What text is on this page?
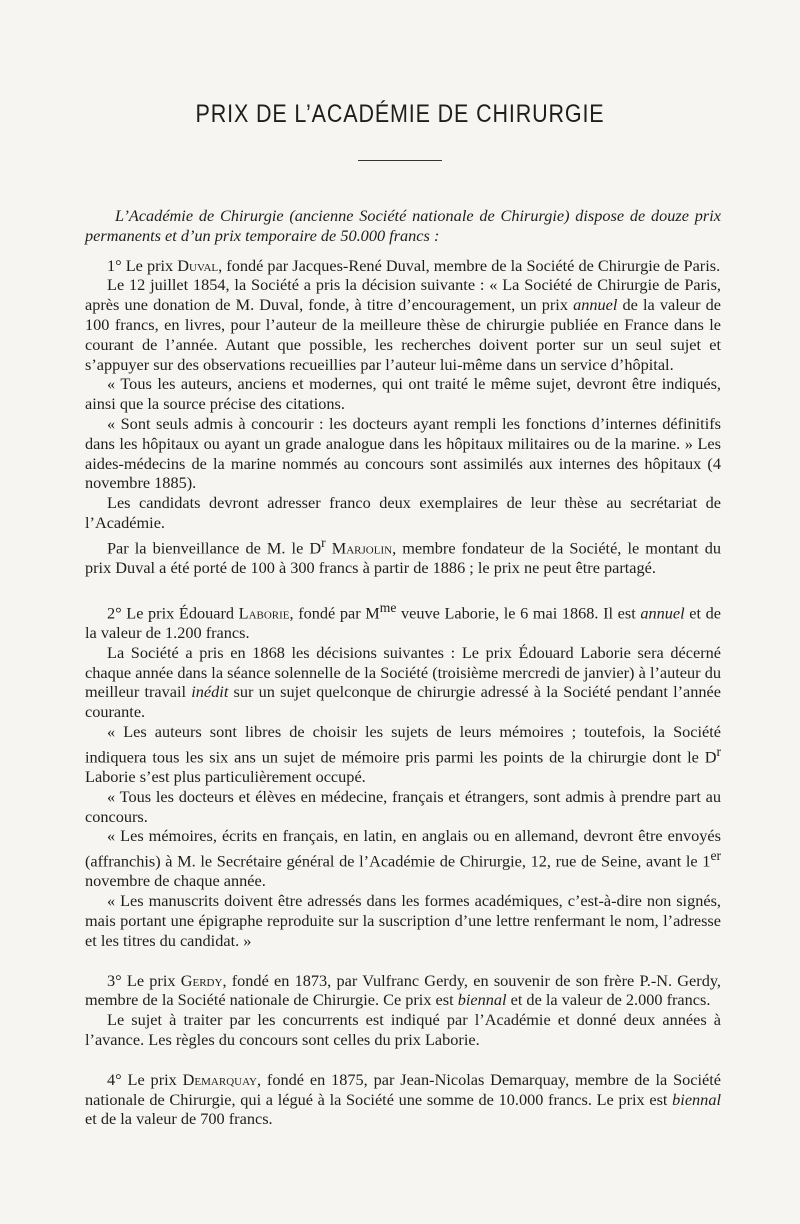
PRIX DE L’ACADÉMIE DE CHIRURGIE

L’Académie de Chirurgie (ancienne Société nationale de Chirurgie) dispose de douze prix permanents et d’un prix temporaire de 50.000 francs :

1° Le prix Duval, fondé par Jacques-René Duval, membre de la Société de Chirurgie de Paris.

Le 12 juillet 1854, la Société a pris la décision suivante : « La Société de Chirurgie de Paris, après une donation de M. Duval, fonde, à titre d’encouragement, un prix annuel de la valeur de 100 francs, en livres, pour l’auteur de la meilleure thèse de chirurgie publiée en France dans le courant de l’année. Autant que possible, les recherches doivent porter sur un seul sujet et s’appuyer sur des observations recueillies par l’auteur lui-même dans un service d’hôpital.

« Tous les auteurs, anciens et modernes, qui ont traité le même sujet, devront être indiqués, ainsi que la source précise des citations.

« Sont seuls admis à concourir : les docteurs ayant rempli les fonctions d’internes définitifs dans les hôpitaux ou ayant un grade analogue dans les hôpitaux militaires ou de la marine. » Les aides-médecins de la marine nommés au concours sont assimilés aux internes des hôpitaux (4 novembre 1885).

Les candidats devront adresser franco deux exemplaires de leur thèse au secrétariat de l’Académie.

Par la bienveillance de M. le $D^r$ Marjolin, membre fondateur de la Société, le montant du prix Duval a été porté de 100 à 300 francs à partir de 1886 ; le prix ne peut être partagé.

2° Le prix Édouard Laborie, fondé par $M^{me}$ veuve Laborie, le 6 mai 1868. Il est annuel et de la valeur de 1.200 francs.

La Société a pris en 1868 les décisions suivantes : Le prix Édouard Laborie sera décerné chaque année dans la séance solennelle de la Société (troisième mercredi de janvier) à l’auteur du meilleur travail inédit sur un sujet quelconque de chirurgie adressé à la Société pendant l’année courante.

« Les auteurs sont libres de choisir les sujets de leurs mémoires ; toutefois, la Société indiquera tous les six ans un sujet de mémoire pris parmi les points de la chirurgie dont le $D^r$ Laborie s’est plus particulièrement occupé.

« Tous les docteurs et élèves en médecine, français et étrangers, sont admis à prendre part au concours.

« Les mémoires, écrits en français, en latin, en anglais ou en allemand, devront être envoyés (affranchis) à M. le Secrétaire général de l’Académie de Chirurgie, 12, rue de Seine, avant le 1er novembre de chaque année.

« Les manuscrits doivent être adressés dans les formes académiques, c’est-à-dire non signés, mais portant une épigraphe reproduite sur la suscription d’une lettre renfermant le nom, l’adresse et les titres du candidat. »

3° Le prix Gerdy, fondé en 1873, par Vulfranc Gerdy, en souvenir de son frère P.-N. Gerdy, membre de la Société nationale de Chirurgie. Ce prix est biennal et de la valeur de 2.000 francs.

Le sujet à traiter par les concurrents est indiqué par l’Académie et donné deux années à l’avance. Les règles du concours sont celles du prix Laborie.

4° Le prix Demarquay, fondé en 1875, par Jean-Nicolas Demarquay, membre de la Société nationale de Chirurgie, qui a légué à la Société une somme de 10.000 francs. Le prix est biennal et de la valeur de 700 francs.
